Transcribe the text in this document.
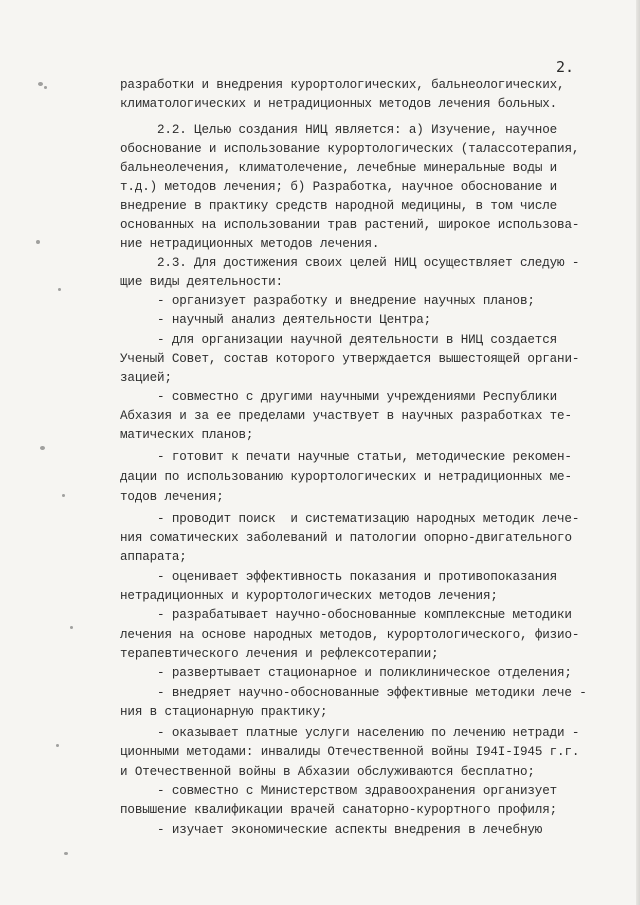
2.
разработки и внедрения курортологических, бальнеологических,
климатологических и нетрадиционных методов лечения больных.
2.2. Целью создания НИЦ является: а) Изучение, научное
обоснование и использование курортологических (талассотерапия,
бальнеолечения, климатолечение, лечебные минеральные воды и
т.д.) методов лечения; б) Разработка, научное обоснование и
внедрение в практику средств народной медицины, в том числе
основанных на использовании трав растений, широкое использова-
ние нетрадиционных методов лечения.
2.3. Для достижения своих целей НИЦ осуществляет следую -
щие виды деятельности:
- организует разработку и внедрение научных планов;
- научный анализ деятельности Центра;
- для организации научной деятельности в НИЦ создается
Ученый Совет, состав которого утверждается вышестоящей органи-
зацией;
- совместно с другими научными учреждениями Республики
Абхазия и за ее пределами участвует в научных разработках те-
матических планов;
- готовит к печати научные статьи, методические рекомен-
дации по использованию курортологических и нетрадиционных ме-
тодов лечения;
- проводит поиск  и систематизацию народных методик лече-
ния соматических заболеваний и патологии опорно-двигательного
аппарата;
- оценивает эффективность показания и противопоказания
нетрадиционных и курортологических методов лечения;
- разрабатывает научно-обоснованные комплексные методики
лечения на основе народных методов, курортологического, физио-
терапевтического лечения и рефлексотерапии;
- развертывает стационарное и поликлиническое отделения;
- внедряет научно-обоснованные эффективные методики лече -
ния в стационарную практику;
- оказывает платные услуги населению по лечению нетради -
ционными методами: инвалиды Отечественной войны I94I-I945 г.г.
и Отечественной войны в Абхазии обслуживаются бесплатно;
- совместно с Министерством здравоохранения организует
повышение квалификации врачей санаторно-курортного профиля;
- изучает экономические аспекты внедрения в лечебную
